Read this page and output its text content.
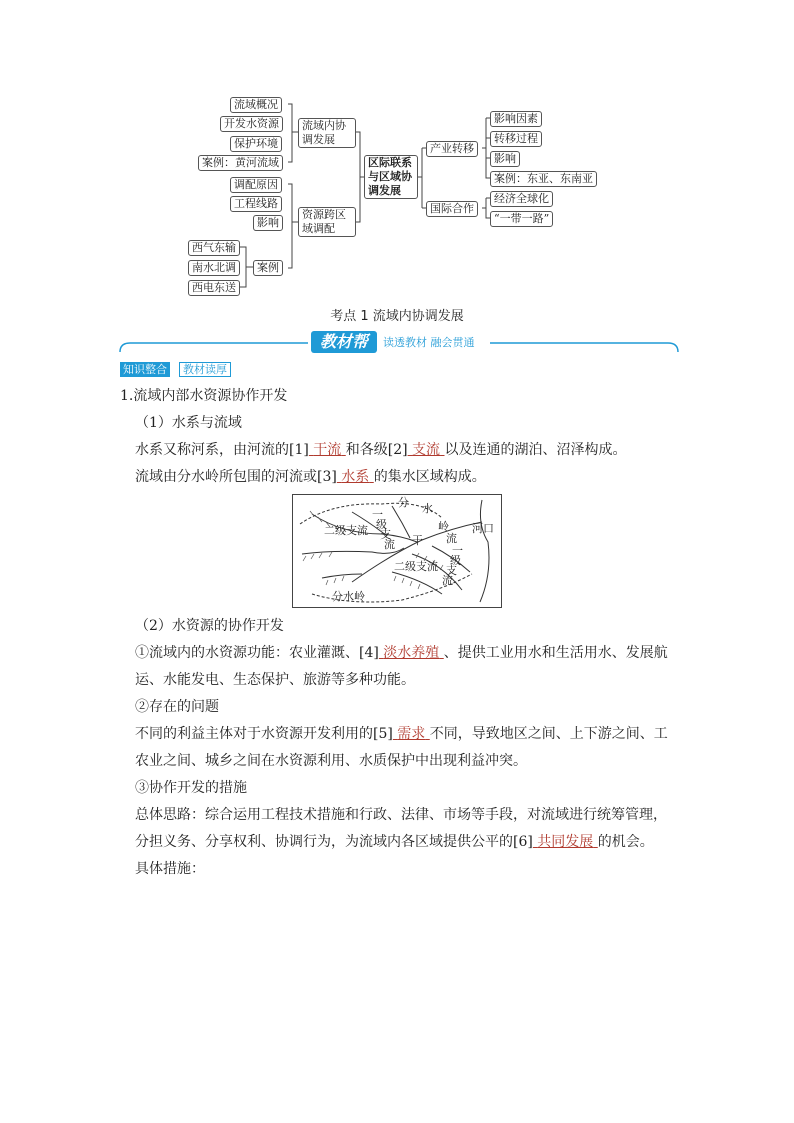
流域概况
开发水资源
保护环境
案例：黄河流域
调配原因
工程线路
影响
西气东输
南水北调
西电东送
案例
流域内协调发展
资源跨区域调配
区际联系与区域协调发展
产业转移
国际合作
影响因素
转移过程
影响
案例：东亚、东南亚
经济全球化
“一带一路”
考点 1 流域内协调发展
教材帮	读透教材 融会贯通
知识整合	教材读厚
1.流域内部水资源协作开发
（1）水系与流域
水系又称河系，由河流的[1] 干流 和各级[2] 支流 以及连通的湖泊、沼泽构成。
流域由分水岭所包围的河流或[3] 水系 的集水区域构成。
分 水
岭
干 流
河口
二级支流
二级支流
一
级
支
流	一
级
支
流
分水岭
（2）水资源的协作开发
①流域内的水资源功能：农业灌溉、[4] 淡水养殖 、提供工业用水和生活用水、发展航
运、水能发电、生态保护、旅游等多种功能。
②存在的问题
不同的利益主体对于水资源开发利用的[5] 需求 不同，导致地区之间、上下游之间、工
农业之间、城乡之间在水资源利用、水质保护中出现利益冲突。
③协作开发的措施
总体思路：综合运用工程技术措施和行政、法律、市场等手段，对流域进行统筹管理，
分担义务、分享权利、协调行为，为流域内各区域提供公平的[6] 共同发展 的机会。
具体措施：
